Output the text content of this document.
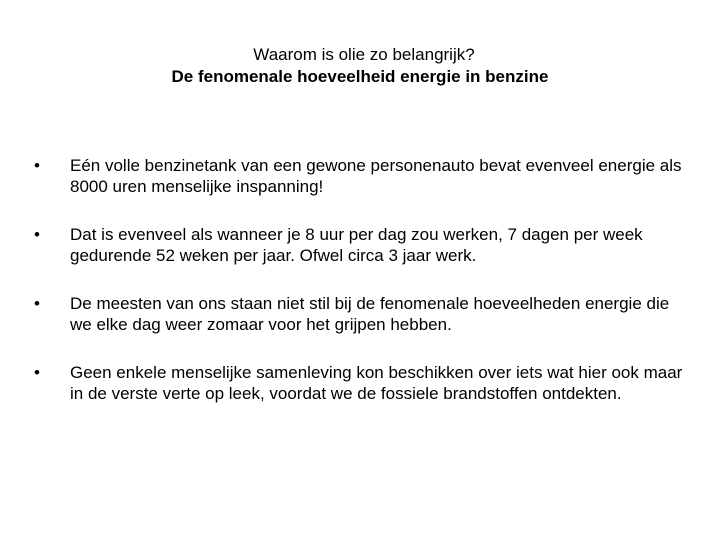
Waarom is olie zo belangrijk?
De fenomenale hoeveelheid energie in benzine
•	Eén volle benzinetank van een gewone personenauto bevat evenveel energie als 8000 uren menselijke inspanning!
•	Dat is evenveel als wanneer je 8 uur per dag zou werken, 7 dagen per week gedurende 52 weken per jaar. Ofwel circa 3 jaar werk.
•	De meesten van ons staan niet stil bij de fenomenale hoeveelheden energie die we elke dag weer zomaar voor het grijpen hebben.
•	Geen enkele menselijke samenleving kon beschikken over iets wat hier ook maar in de verste verte op leek, voordat we de fossiele brandstoffen ontdekten.
